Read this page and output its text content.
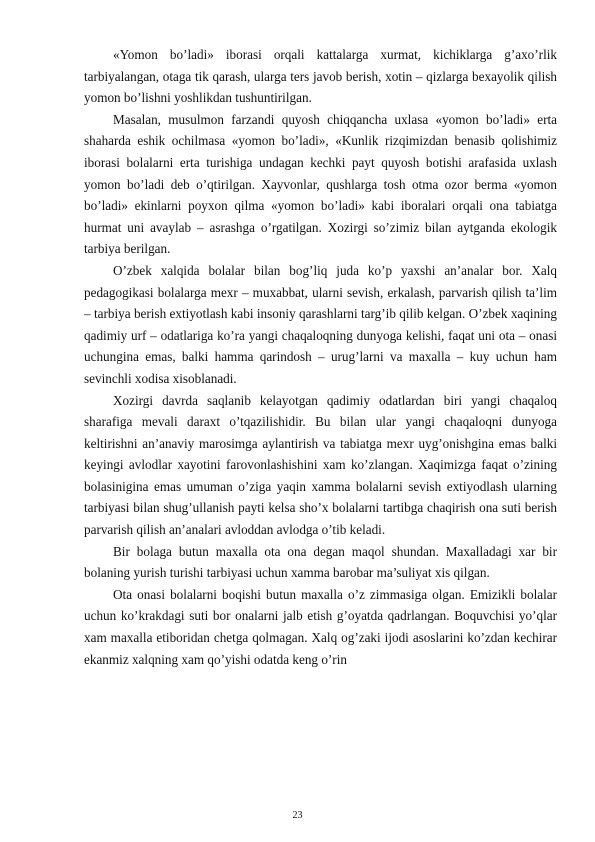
«Yomon bo’ladi» iborasi orqali kattalarga xurmat, kichiklarga g’axo’rlik tarbiyalangan, otaga tik qarash, ularga ters javob berish, xotin – qizlarga bexayolik qilish yomon bo’lishni yoshlikdan tushuntirilgan.

Masalan, musulmon farzandi quyosh chiqqancha uxlasa «yomon bo’ladi» erta shaharda eshik ochilmasa «yomon bo’ladi», «Kunlik rizqimizdan benasib qolishimiz iborasi bolalarni erta turishiga undagan kechki payt quyosh botishi arafasida uxlash yomon bo’ladi deb o’qtirilgan. Xayvonlar, qushlarga tosh otma ozor berma «yomon bo’ladi» ekinlarni poyxon qilma «yomon bo’ladi» kabi iboralari orqali ona tabiatga hurmat uni avaylab – asrashga o’rgatilgan. Xozirgi so’zimiz bilan aytganda ekologik tarbiya berilgan.

O’zbek xalqida bolalar bilan bog’liq juda ko’p yaxshi an’analar bor. Xalq pedagogikasi bolalarga mexr – muxabbat, ularni sevish, erkalash, parvarish qilish ta’lim – tarbiya berish extiyotlash kabi insoniy qarashlarni targ’ib qilib kelgan. O’zbek xaqining qadimiy urf – odatlariga ko’ra yangi chaqaloqning dunyoga kelishi, faqat uni ota – onasi uchungina emas, balki hamma qarindosh – urug’larni va maxalla – kuy uchun ham sevinchli xodisa xisoblanadi.

Xozirgi davrda saqlanib kelayotgan qadimiy odatlardan biri yangi chaqaloq sharafiga mevali daraxt o’tqazilishidir. Bu bilan ular yangi chaqaloqni dunyoga keltirishni an’anaviy marosimga aylantirish va tabiatga mexr uyg’onishgina emas balki keyingi avlodlar xayotini farovonlashishini xam ko’zlangan. Xaqimizga faqat o’zining bolasinigina emas umuman o’ziga yaqin xamma bolalarni sevish extiyodlash ularning tarbiyasi bilan shug’ullanish payti kelsa sho’x bolalarni tartibga chaqirish ona suti berish parvarish qilish an’analari avloddan avlodga o’tib keladi.

Bir bolaga butun maxalla ota ona degan maqol shundan. Maxalladagi xar bir bolaning yurish turishi tarbiyasi uchun xamma barobar ma’suliyat xis qilgan.

Ota onasi bolalarni boqishi butun maxalla o’z zimmasiga olgan. Emizikli bolalar uchun ko’krakdagi suti bor onalarni jalb etish g’oyatda qadrlangan. Boquvchisi yo’qlar xam maxalla etiboridan chetga qolmagan. Xalq og’zaki ijodi asoslarini ko’zdan kechirar ekanmiz xalqning xam qo’yishi odatda keng o’rin

23
